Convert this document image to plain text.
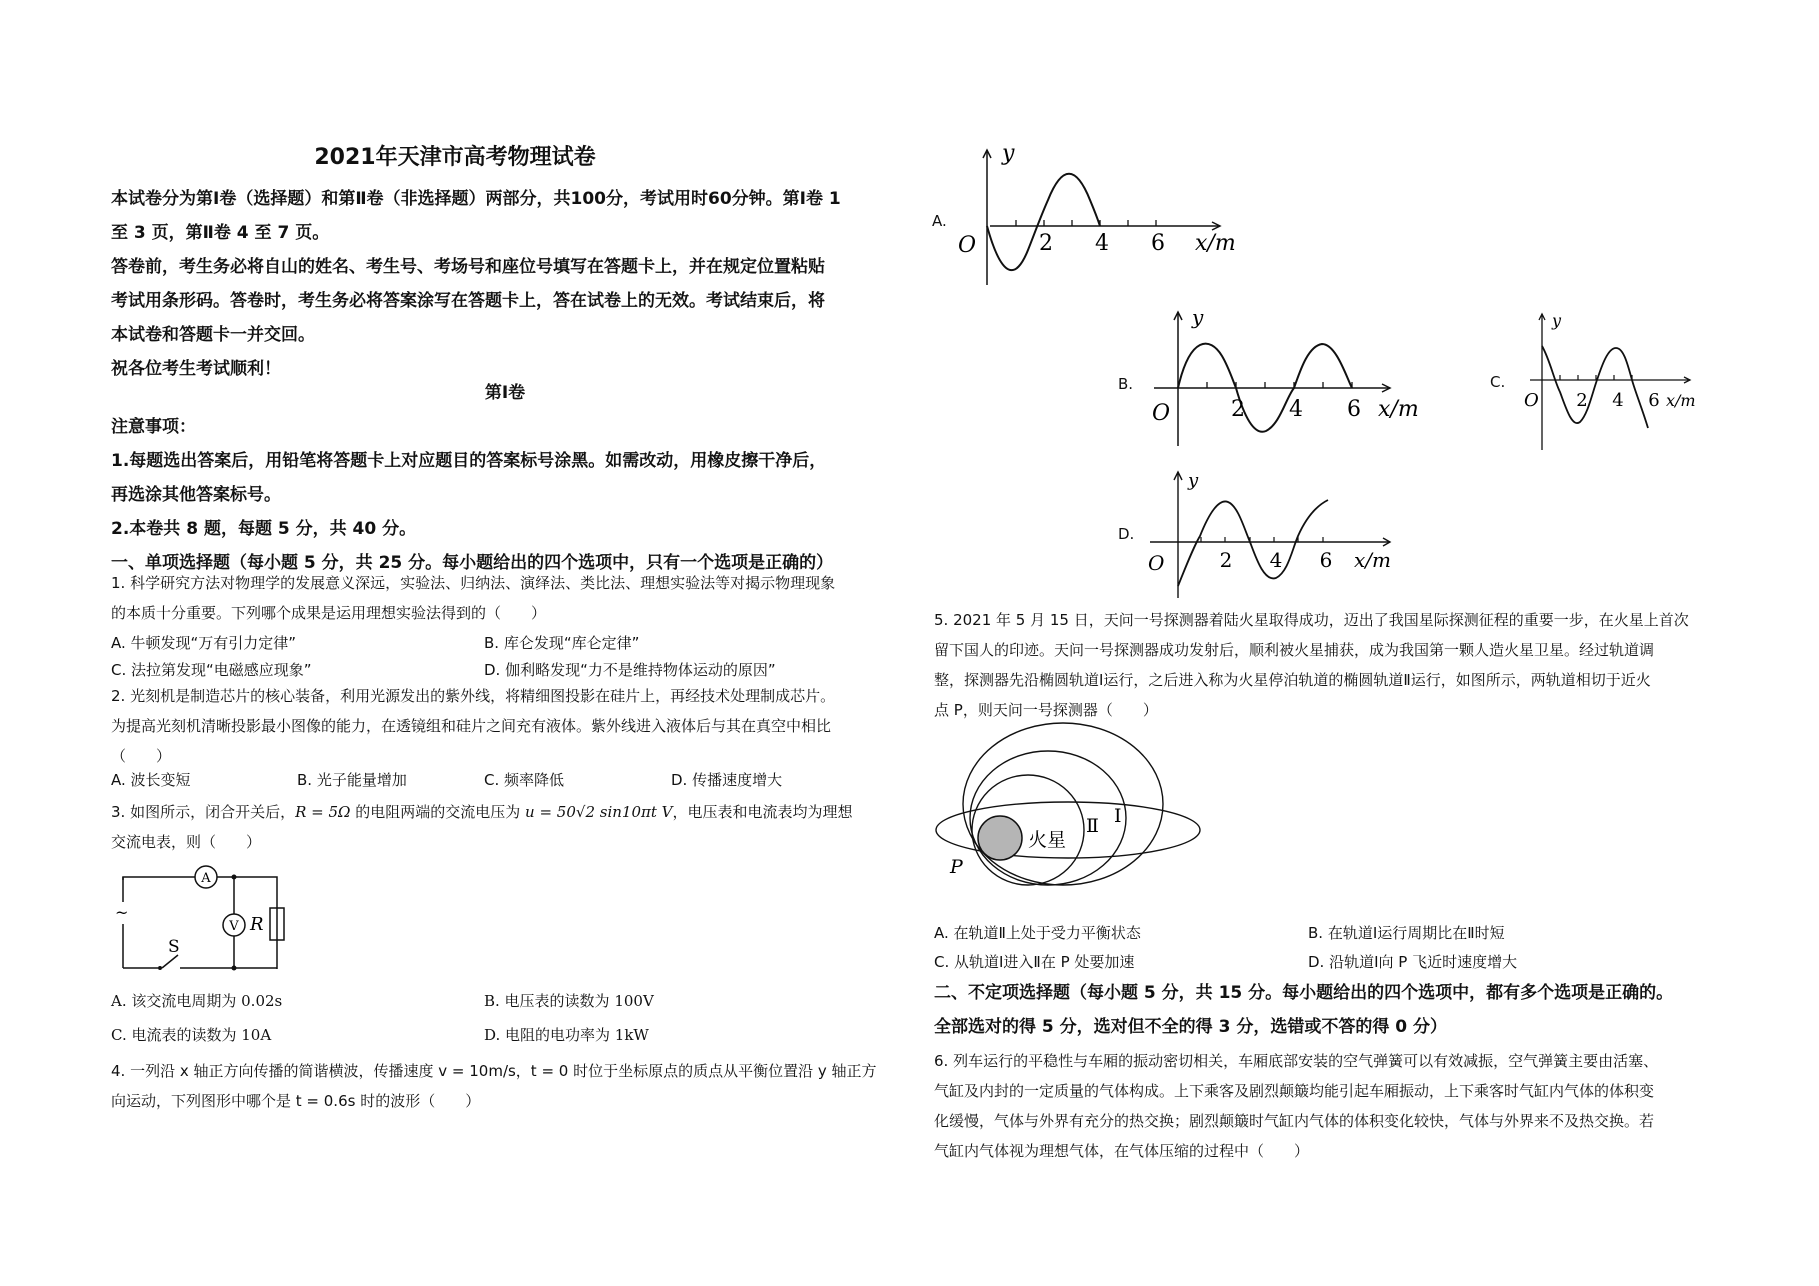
2021年天津市高考物理试卷
本试卷分为第Ⅰ卷（选择题）和第Ⅱ卷（非选择题）两部分，共100分，考试用时60分钟。第Ⅰ卷 1
至 3 页，第Ⅱ卷 4 至 7 页。
答卷前，考生务必将自山的姓名、考生号、考场号和座位号填写在答题卡上，并在规定位置粘贴
考试用条形码。答卷时，考生务必将答案涂写在答题卡上，答在试卷上的无效。考试结束后，将
本试卷和答题卡一并交回。
祝各位考生考试顺利！
第Ⅰ卷
注意事项：
1.每题选出答案后，用铅笔将答题卡上对应题目的答案标号涂黑。如需改动，用橡皮擦干净后，
再选涂其他答案标号。
2.本卷共 8 题，每题 5 分，共 40 分。
一、单项选择题（每小题 5 分，共 25 分。每小题给出的四个选项中，只有一个选项是正确的）
1. 科学研究方法对物理学的发展意义深远，实验法、归纳法、演绎法、类比法、理想实验法等对揭示物理现象
的本质十分重要。下列哪个成果是运用理想实验法得到的（　　）
A. 牛顿发现“万有引力定律”	B. 库仑发现“库仑定律”
C. 法拉第发现“电磁感应现象”	D. 伽利略发现“力不是维持物体运动的原因”
2. 光刻机是制造芯片的核心装备，利用光源发出的紫外线，将精细图投影在硅片上，再经技术处理制成芯片。
为提高光刻机清晰投影最小图像的能力，在透镜组和硅片之间充有液体。紫外线进入液体后与其在真空中相比
（　　）
A. 波长变短	B. 光子能量增加	C. 频率降低	D. 传播速度增大
3. 如图所示，闭合开关后，R = 5Ω 的电阻两端的交流电压为 u = 50√2 sin10πt V，电压表和电流表均为理想
交流电表，则（　　）
A
V R
S
~
A. 该交流电周期为 0.02s	B. 电压表的读数为 100V
C. 电流表的读数为 10A	D. 电阻的电功率为 1kW
4. 一列沿 x 轴正方向传播的简谐横波，传播速度 v = 10m/s，t = 0 时位于坐标原点的质点从平衡位置沿 y 轴正方
向运动，下列图形中哪个是 t = 0.6s 时的波形（　　）
A.
y
O	2 4 6 x/m
B.
y
O	2 4 6 x/m
C.
y
O 2 4 6 x/m
D.
y
O	2 4 6 x/m
5. 2021 年 5 月 15 日，天问一号探测器着陆火星取得成功，迈出了我国星际探测征程的重要一步，在火星上首次
留下国人的印迹。天问一号探测器成功发射后，顺利被火星捕获，成为我国第一颗人造火星卫星。经过轨道调
整，探测器先沿椭圆轨道Ⅰ运行，之后进入称为火星停泊轨道的椭圆轨道Ⅱ运行，如图所示，两轨道相切于近火
点 P，则天问一号探测器（　　）
火星
Ⅱ Ⅰ
P
A. 在轨道Ⅱ上处于受力平衡状态	B. 在轨道Ⅰ运行周期比在Ⅱ时短
C. 从轨道Ⅰ进入Ⅱ在 P 处要加速	D. 沿轨道Ⅰ向 P 飞近时速度增大
二、不定项选择题（每小题 5 分，共 15 分。每小题给出的四个选项中，都有多个选项是正确的。
全部选对的得 5 分，选对但不全的得 3 分，选错或不答的得 0 分）
6. 列车运行的平稳性与车厢的振动密切相关，车厢底部安装的空气弹簧可以有效减振，空气弹簧主要由活塞、
气缸及内封的一定质量的气体构成。上下乘客及剧烈颠簸均能引起车厢振动，上下乘客时气缸内气体的体积变
化缓慢，气体与外界有充分的热交换；剧烈颠簸时气缸内气体的体积变化较快，气体与外界来不及热交换。若
气缸内气体视为理想气体，在气体压缩的过程中（　　）
